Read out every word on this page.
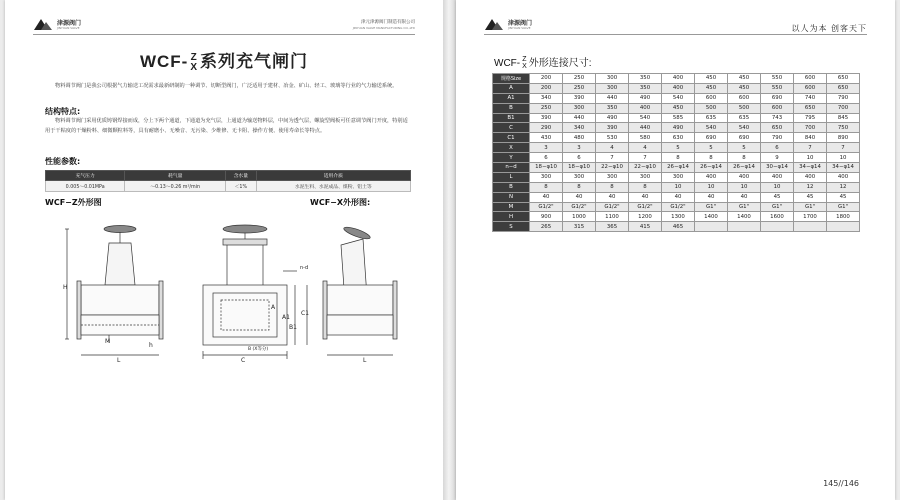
津源阀门
JINYUAN VALVE
津元津源阀门制造有限公司
JINYUAN VALVE MANUFACTURING CO.,LTD
WCF- Z
X 系列充气闸门
物料调节阀门是我公司根据气力输送工况需求最新研制的一种调节、切断型阀门，广泛适用于建材、冶金、矿山、轻工、玻璃等行业的气力输送系统。
结构特点:
物料调节阀门采用优质铸钢焊接而成，分上下两个通道，下通道为充气层，上通道为输送物料层，中间为透气层，螺旋型阀板可任意调节阀门开度，特别适用于干粘度的干燥粉料、细微颗粒料等，具有耐磨小、无噪音、无污染、少维修、无卡阻、操作方便、使用寿命长等特点。
性能参数:
充气压力	耗气量	含水量	适用介质
0.005～0.01MPa	～0.13～0.26 m³/min	＜1%	水泥生料、水泥成品、煤粉、铝土等
WCF−Z外形图	WCF−X外形图:
H
L
M
h
C
B (X等分)
A
A1
B1
C1
n-d
L
津源阀门
JINYUAN VALVE	以人为本 创客天下
WCF- Z
X 外形连接尺寸:
规格Size	200	250	300	350	400	450	450	550	600	650
A	200	250	300	350	400	450	450	550	600	650
A1	340	390	440	490	540	600	600	690	740	790
B	250	300	350	400	450	500	500	600	650	700
B1	390	440	490	540	585	635	635	743	795	845
C	290	340	390	440	490	540	540	650	700	750
C1	430	480	530	580	630	690	690	790	840	890
X	3	3	4	4	5	5	5	6	7	7
Y	6	6	7	7	8	8	8	9	10	10
n−d	18−φ10	18−φ10	22−φ10	22−φ10	26−φ14	26−φ14	26−φ14	30−φ14	34−φ14	34−φ14
L	300	300	300	300	300	400	400	400	400	400
B	8	8	8	8	10	10	10	10	12	12
N	40	40	40	40	40	40	40	45	45	45
M	G1/2"	G1/2"	G1/2"	G1/2"	G1/2"	G1"	G1"	G1"	G1"	G1"
H	900	1000	1100	1200	1300	1400	1400	1600	1700	1800
S	265	315	365	415	465					
145//146
